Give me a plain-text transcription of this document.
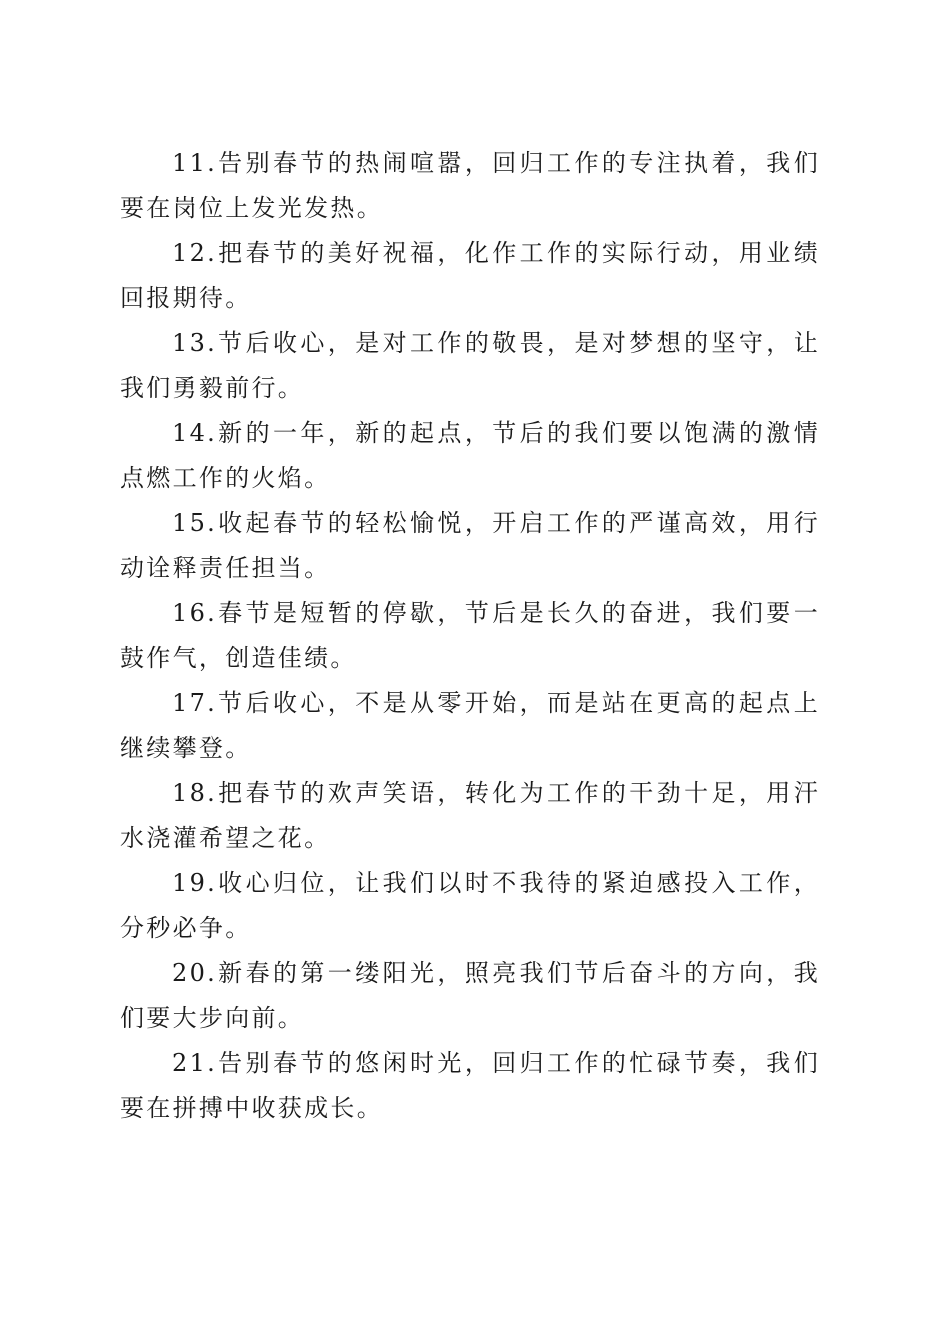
11.告别春节的热闹喧嚣，回归工作的专注执着，我们要在岗位上发光发热。

12.把春节的美好祝福，化作工作的实际行动，用业绩回报期待。

13.节后收心，是对工作的敬畏，是对梦想的坚守，让我们勇毅前行。

14.新的一年，新的起点，节后的我们要以饱满的激情点燃工作的火焰。

15.收起春节的轻松愉悦，开启工作的严谨高效，用行动诠释责任担当。

16.春节是短暂的停歇，节后是长久的奋进，我们要一鼓作气，创造佳绩。

17.节后收心，不是从零开始，而是站在更高的起点上继续攀登。

18.把春节的欢声笑语，转化为工作的干劲十足，用汗水浇灌希望之花。

19.收心归位，让我们以时不我待的紧迫感投入工作，分秒必争。

20.新春的第一缕阳光，照亮我们节后奋斗的方向，我们要大步向前。

21.告别春节的悠闲时光，回归工作的忙碌节奏，我们要在拼搏中收获成长。
